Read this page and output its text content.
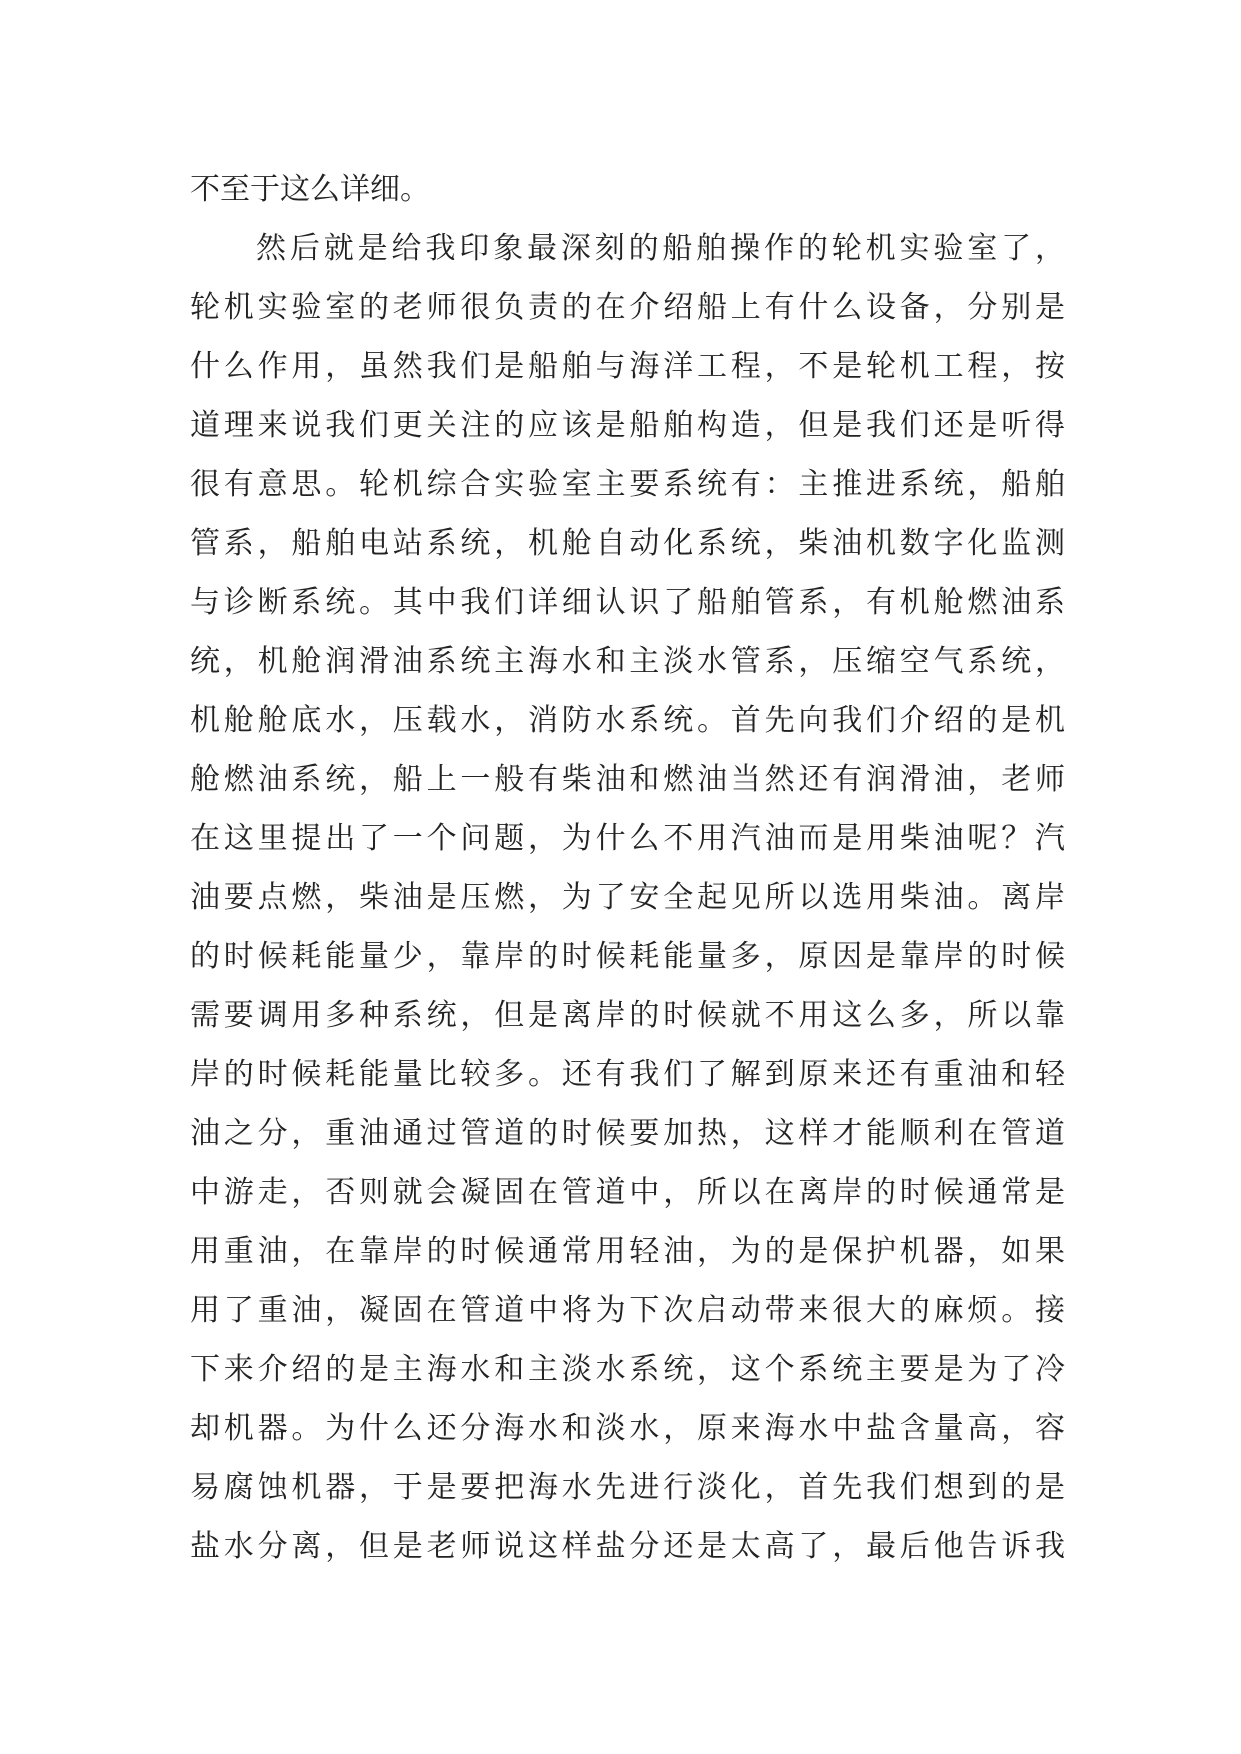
不至于这么详细。
然后就是给我印象最深刻的船舶操作的轮机实验室了，
轮机实验室的老师很负责的在介绍船上有什么设备，分别是
什么作用，虽然我们是船舶与海洋工程，不是轮机工程，按
道理来说我们更关注的应该是船舶构造，但是我们还是听得
很有意思。轮机综合实验室主要系统有：主推进系统，船舶
管系，船舶电站系统，机舱自动化系统，柴油机数字化监测
与诊断系统。其中我们详细认识了船舶管系，有机舱燃油系
统，机舱润滑油系统主海水和主淡水管系，压缩空气系统，
机舱舱底水，压载水，消防水系统。首先向我们介绍的是机
舱燃油系统，船上一般有柴油和燃油当然还有润滑油，老师
在这里提出了一个问题，为什么不用汽油而是用柴油呢？汽
油要点燃，柴油是压燃，为了安全起见所以选用柴油。离岸
的时候耗能量少，靠岸的时候耗能量多，原因是靠岸的时候
需要调用多种系统，但是离岸的时候就不用这么多，所以靠
岸的时候耗能量比较多。还有我们了解到原来还有重油和轻
油之分，重油通过管道的时候要加热，这样才能顺利在管道
中游走，否则就会凝固在管道中，所以在离岸的时候通常是
用重油，在靠岸的时候通常用轻油，为的是保护机器，如果
用了重油，凝固在管道中将为下次启动带来很大的麻烦。接
下来介绍的是主海水和主淡水系统，这个系统主要是为了冷
却机器。为什么还分海水和淡水，原来海水中盐含量高，容
易腐蚀机器，于是要把海水先进行淡化，首先我们想到的是
盐水分离，但是老师说这样盐分还是太高了，最后他告诉我
